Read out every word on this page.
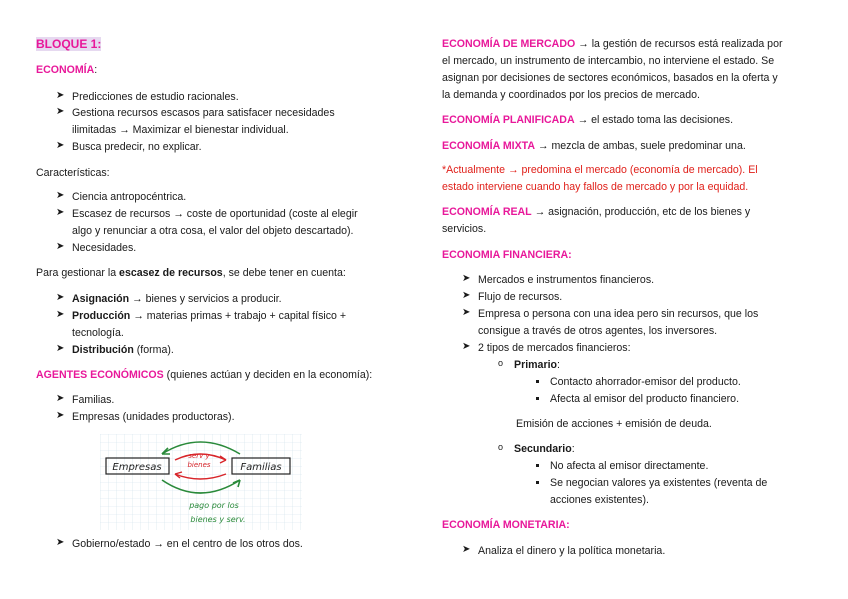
BLOQUE 1:
ECONOMÍA:
➤ Predicciones de estudio racionales.
➤ Gestiona recursos escasos para satisfacer necesidades
ilimitadas → Maximizar el bienestar individual.
➤ Busca predecir, no explicar.
Características:
➤ Ciencia antropocéntrica.
➤ Escasez de recursos → coste de oportunidad (coste al elegir
algo y renunciar a otra cosa, el valor del objeto descartado).
➤ Necesidades.
Para gestionar la escasez de recursos, se debe tener en cuenta:
➤ Asignación → bienes y servicios a producir.
➤ Producción → materias primas + trabajo + capital físico +
tecnología.
➤ Distribución (forma).
AGENTES ECONÓMICOS (quienes actúan y deciden en la economía):
➤ Familias.
➤ Empresas (unidades productoras).
Empresas	Familias
serv y
bienes
pago por los
bienes y serv.
➤ Gobierno/estado → en el centro de los otros dos.
ECONOMÍA DE MERCADO → la gestión de recursos está realizada por
el mercado, un instrumento de intercambio, no interviene el estado. Se
asignan por decisiones de sectores económicos, basados en la oferta y
la demanda y coordinados por los precios de mercado.
ECONOMÍA PLANIFICADA → el estado toma las decisiones.
ECONOMÍA MIXTA → mezcla de ambas, suele predominar una.
*Actualmente → predomina el mercado (economía de mercado). El
estado interviene cuando hay fallos de mercado y por la equidad.
ECONOMÍA REAL → asignación, producción, etc de los bienes y
servicios.
ECONOMIA FINANCIERA:
➤ Mercados e instrumentos financieros.
➤ Flujo de recursos.
➤ Empresa o persona con una idea pero sin recursos, que los
consigue a través de otros agentes, los inversores.
➤ 2 tipos de mercados financieros:
o Primario:
Contacto ahorrador-emisor del producto.
Afecta al emisor del producto financiero.
Emisión de acciones + emisión de deuda.
o Secundario:
No afecta al emisor directamente.
Se negocian valores ya existentes (reventa de
acciones existentes).
ECONOMÍA MONETARIA:
➤ Analiza el dinero y la política monetaria.
